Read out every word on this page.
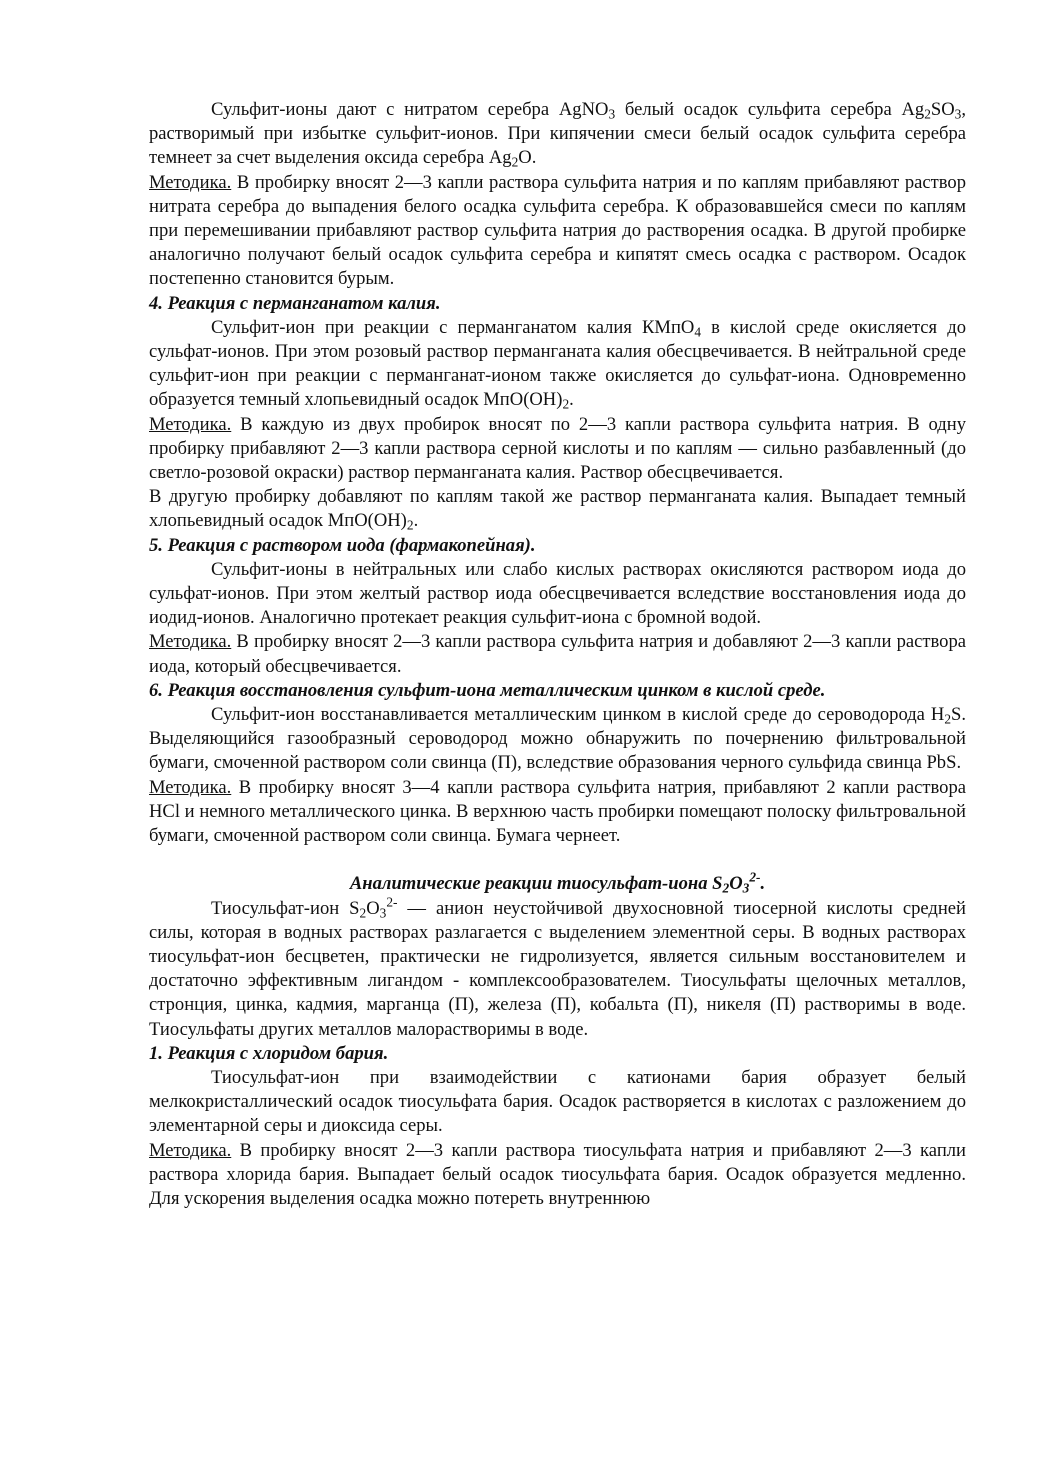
Сульфит-ионы дают с нитратом серебра AgNO$_3$ белый осадок сульфита серебра $Ag_2SO_3$, растворимый при избытке сульфит-ионов. При кипячении смеси белый осадок сульфита серебра темнеет за счет выделения оксида серебра $Ag_2O$.

Методика. В пробирку вносят 2—3 капли раствора сульфита натрия и по каплям прибавляют раствор нитрата серебра до выпадения белого осадка сульфита серебра. К образовавшейся смеси по каплям при перемешивании прибавляют раствор сульфита натрия до растворения осадка. В другой пробирке аналогично получают белый осадок сульфита серебра и кипятят смесь осадка с раствором. Осадок постепенно становится бурым.

4. Реакция с перманганатом калия.

Сульфит-ион при реакции с перманганатом калия КМпО$_4$ в кислой среде окисляется до сульфат-ионов. При этом розовый раствор перманганата калия обесцвечивается. В нейтральной среде сульфит-ион при реакции с перманганат-ионом также окисляется до сульфат-иона. Одновременно образуется темный хлопьевидный осадок $МпО(ОН)_2$.

Методика. В каждую из двух пробирок вносят по 2—3 капли раствора сульфита натрия. В одну пробирку прибавляют 2—3 капли раствора серной кислоты и по каплям — сильно разбавленный (до светло-розовой окраски) раствор перманганата калия. Раствор обесцвечивается.

В другую пробирку добавляют по каплям такой же раствор перманганата калия. Выпадает темный хлопьевидный осадок $МпО(ОН)_2$.

5. Реакция с раствором иода (фармакопейная).

Сульфит-ионы в нейтральных или слабо кислых растворах окисляются раствором иода до сульфат-ионов. При этом желтый раствор иода обесцвечивается вследствие восстановления иода до иодид-ионов. Аналогично протекает реакция сульфит-иона с бромной водой.

Методика. В пробирку вносят 2—3 капли раствора сульфита натрия и добавляют 2—3 капли раствора иода, который обесцвечивается.

6. Реакция восстановления сульфит-иона металлическим цинком в кислой среде.

Сульфит-ион восстанавливается металлическим цинком в кислой среде до сероводорода $H_2S$. Выделяющийся газообразный сероводород можно обнаружить по почернению фильтровальной бумаги, смоченной раствором соли свинца (П), вследствие образования черного сульфида свинца PbS.

Методика. В пробирку вносят 3—4 капли раствора сульфита натрия, прибавляют 2 капли раствора HCl и немного металлического цинка. В верхнюю часть пробирки помещают полоску фильтровальной бумаги, смоченной раствором соли свинца. Бумага чернеет.

Аналитические реакции тиосульфат-иона $S_2O_3^{2-}$.

Тиосульфат-ион $S_2O_3^{2-}$ — анион неустойчивой двухосновной тиосерной кислоты средней силы, которая в водных растворах разлагается с выделением элементной серы. В водных растворах тиосульфат-ион бесцветен, практически не гидролизуется, является сильным восстановителем и достаточно эффективным лигандом - комплексообразователем. Тиосульфаты щелочных металлов, стронция, цинка, кадмия, марганца (П), железа (П), кобальта (П), никеля (П) растворимы в воде. Тиосульфаты других металлов малорастворимы в воде.

1. Реакция с хлоридом бария.

Тиосульфат-ион при взаимодействии с катионами бария образует белый мелкокристаллический осадок тиосульфата бария. Осадок растворяется в кислотах с разложением до элементарной серы и диоксида серы.

Методика. В пробирку вносят 2—3 капли раствора тиосульфата натрия и прибавляют 2—3 капли раствора хлорида бария. Выпадает белый осадок тиосульфата бария. Осадок образуется медленно. Для ускорения выделения осадка можно потереть внутреннюю
